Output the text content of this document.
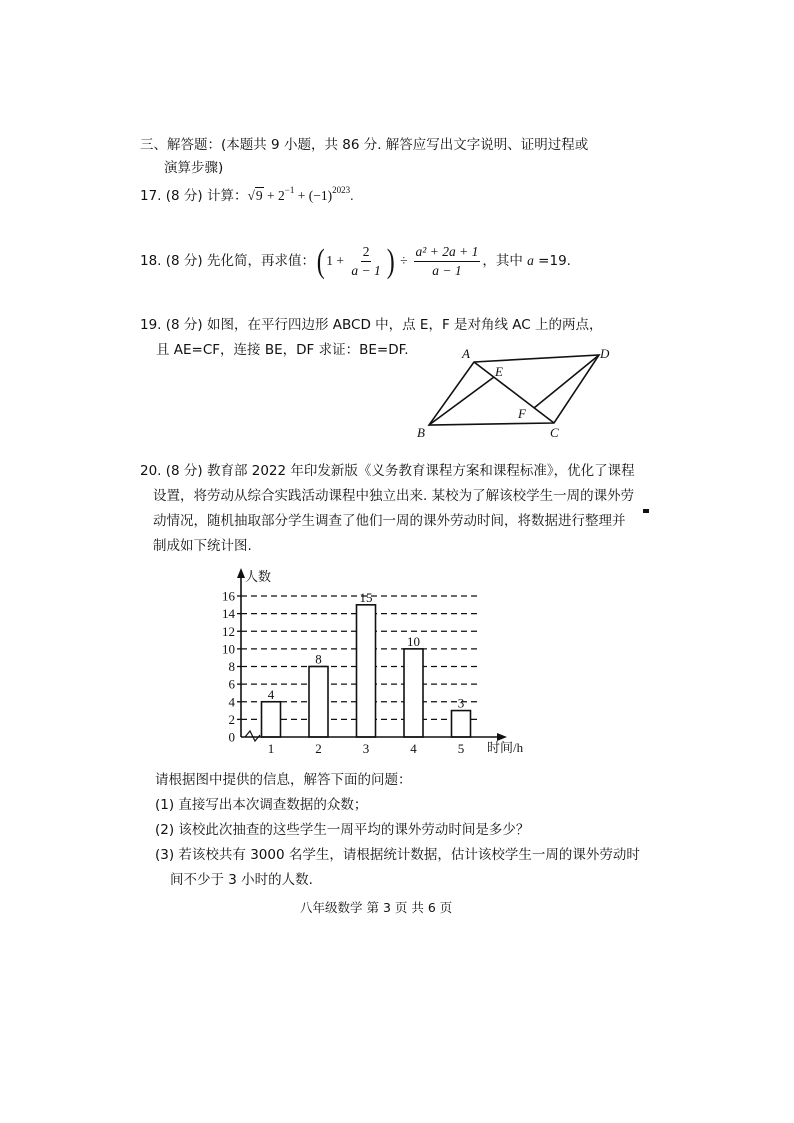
三、解答题：(本题共 9 小题，共 86 分. 解答应写出文字说明、证明过程或
演算步骤)
17. (8 分) 计算：$√9 + 2^{-1} + (-1)^{2023}$.
18. (8 分) 先化简，再求值：( $1 + \frac{2}{a - 1}$ ) ÷ $\frac{\text{a² + 2a + 1}}{a - 1}$ ，其中 a =19.
19. (8 分) 如图，在平行四边形 ABCD 中，点 E，F 是对角线 AC 上的两点，
且 AE=CF，连接 BE，DF 求证：BE=DF.	A	D
B	C
E
F
20. (8 分) 教育部 2022 年印发新版《义务教育课程方案和课程标准》，优化了课程
设置，将劳动从综合实践活动课程中独立出来. 某校为了解该校学生一周的课外劳
动情况，随机抽取部分学生调查了他们一周的课外劳动时间，将数据进行整理并
制成如下统计图.
0
2
4
6
8
10
12
14
16
4
1
8
2
15
3
10
4
3
5
人数
时间/h
请根据图中提供的信息，解答下面的问题：
(1) 直接写出本次调查数据的众数；
(2) 该校此次抽查的这些学生一周平均的课外劳动时间是多少？
(3) 若该校共有 3000 名学生，请根据统计数据，估计该校学生一周的课外劳动时
间不少于 3 小时的人数.
八年级数学 第 3 页 共 6 页
